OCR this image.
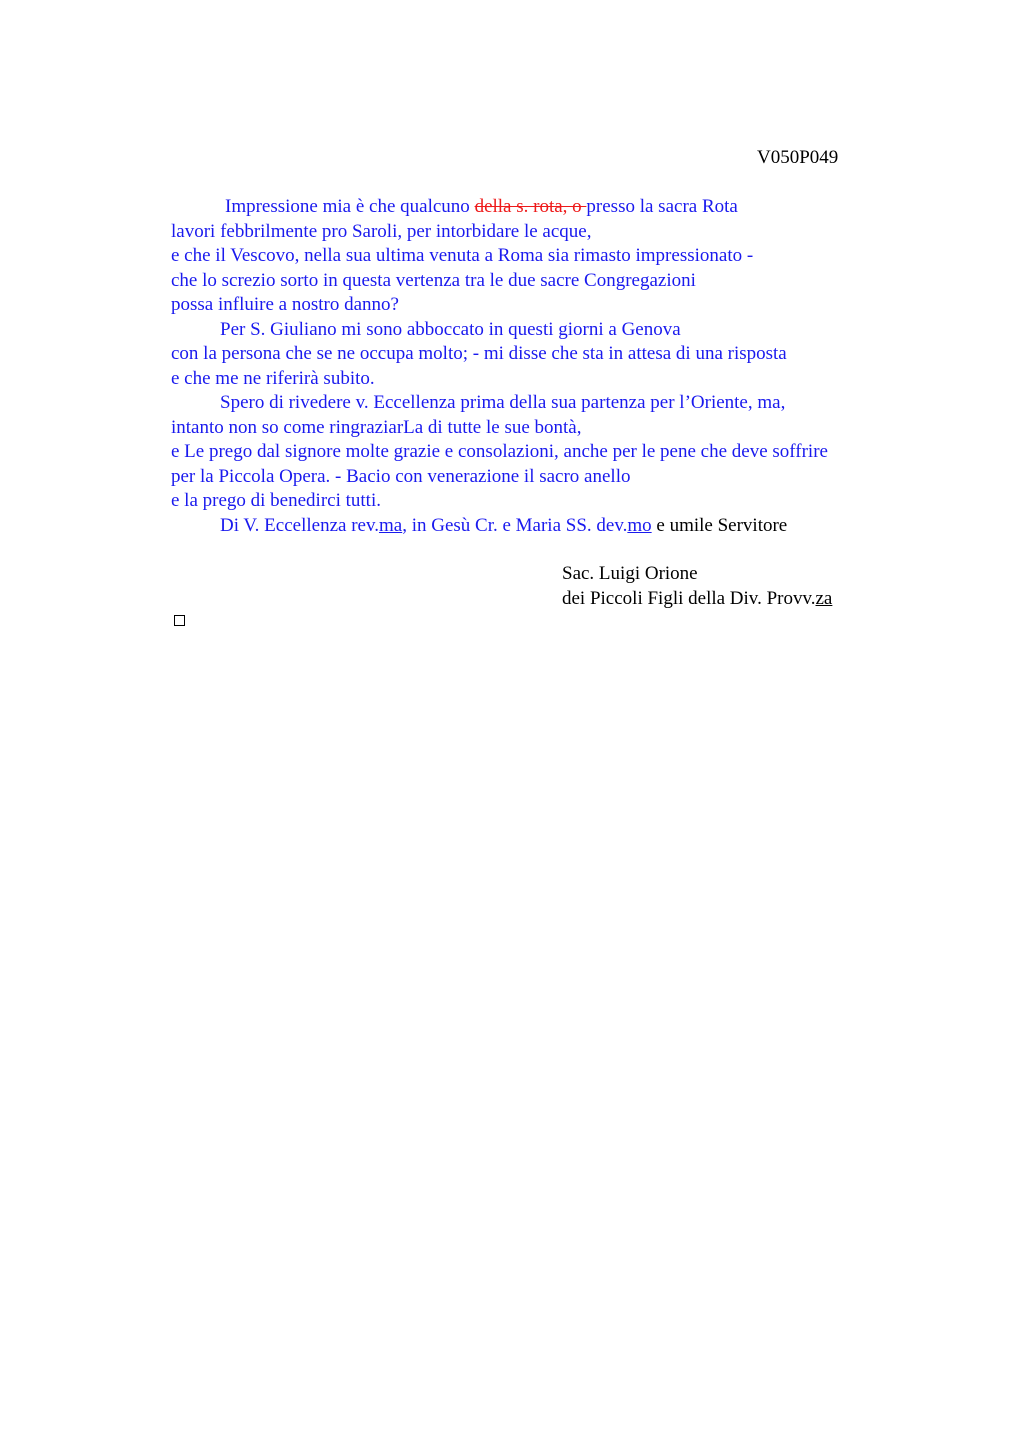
V050P049
Impressione mia è che qualcuno della s. rota, o presso la sacra Rota
lavori febbrilmente pro Saroli, per intorbidare le acque,
e che il Vescovo, nella sua ultima venuta a Roma sia rimasto impressionato -
che lo screzio sorto in questa vertenza tra le due sacre Congregazioni
possa influire a nostro danno?
Per S. Giuliano mi sono abboccato in questi giorni a Genova
con la persona che se ne occupa molto; - mi disse che sta in attesa di una risposta
e che me ne riferirà subito.
Spero di rivedere v. Eccellenza prima della sua partenza per l’Oriente, ma,
intanto non so come ringraziarLa di tutte le sue bontà,
e Le prego dal signore molte grazie e consolazioni, anche per le pene che deve soffrire
per la Piccola Opera. - Bacio con venerazione il sacro anello
e la prego di benedirci tutti.
Di V. Eccellenza rev.ma, in Gesù Cr. e Maria SS. dev.mo e umile Servitore
Sac. Luigi Orione
dei Piccoli Figli della Div. Provv.za
